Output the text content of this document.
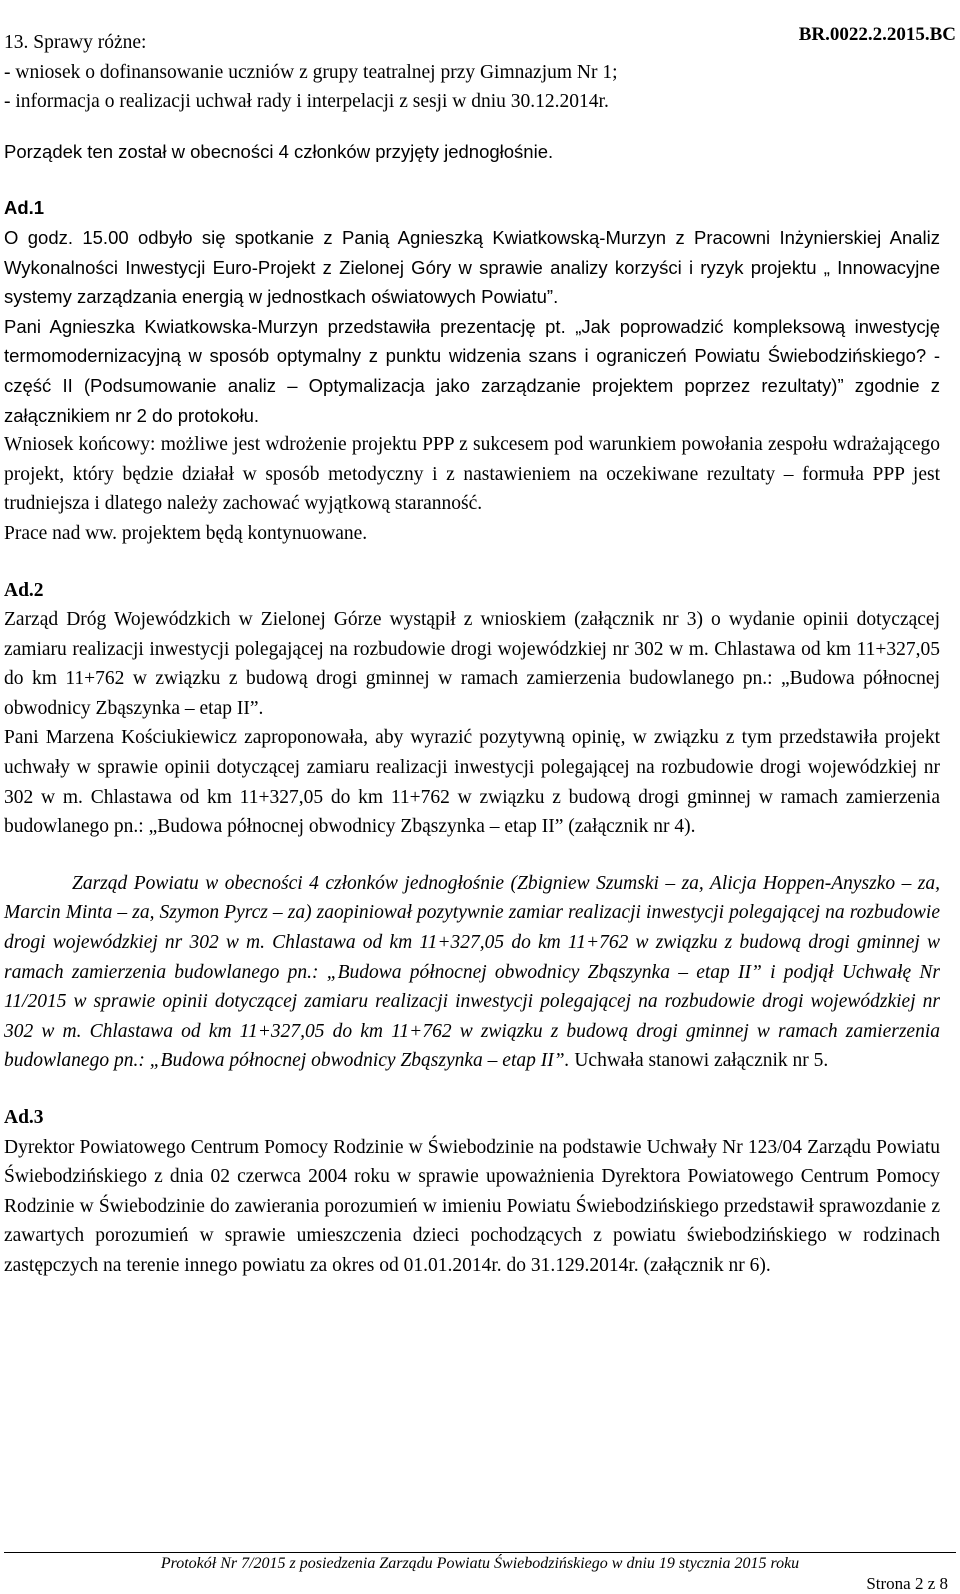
BR.0022.2.2015.BC

13. Sprawy różne:

- wniosek o dofinansowanie uczniów z grupy teatralnej przy Gimnazjum Nr 1;

- informacja o realizacji uchwał rady i interpelacji z sesji w dniu 30.12.2014r.

Porządek ten został w obecności 4 członków przyjęty jednogłośnie.

Ad.1

O godz. 15.00 odbyło się spotkanie z Panią Agnieszką Kwiatkowską-Murzyn z Pracowni Inżynierskiej Analiz Wykonalności Inwestycji Euro-Projekt z Zielonej Góry w sprawie analizy korzyści i ryzyk projektu „ Innowacyjne systemy zarządzania energią w jednostkach oświatowych Powiatu”.

Pani Agnieszka Kwiatkowska-Murzyn przedstawiła prezentację pt. „Jak poprowadzić kompleksową inwestycję termomodernizacyjną w sposób optymalny z punktu widzenia szans i ograniczeń Powiatu Świebodzińskiego? - część II (Podsumowanie analiz – Optymalizacja jako zarządzanie projektem poprzez rezultaty)” zgodnie z załącznikiem nr 2 do protokołu.

Wniosek końcowy: możliwe jest wdrożenie projektu PPP z sukcesem pod warunkiem powołania zespołu wdrażającego projekt, który będzie działał w sposób metodyczny i z nastawieniem na oczekiwane rezultaty – formuła PPP jest trudniejsza i dlatego należy zachować wyjątkową staranność.

Prace nad ww. projektem będą kontynuowane.

Ad.2

Zarząd Dróg Wojewódzkich w Zielonej Górze wystąpił z wnioskiem (załącznik nr 3) o wydanie opinii dotyczącej zamiaru realizacji inwestycji polegającej na rozbudowie drogi wojewódzkiej nr 302 w m. Chlastawa od km 11+327,05 do km 11+762 w związku z budową drogi gminnej w ramach zamierzenia budowlanego pn.: „Budowa północnej obwodnicy Zbąszynka – etap II”.

Pani Marzena Kościukiewicz zaproponowała, aby wyrazić pozytywną opinię, w związku z tym przedstawiła projekt uchwały w sprawie opinii dotyczącej zamiaru realizacji inwestycji polegającej na rozbudowie drogi wojewódzkiej nr 302 w m. Chlastawa od km 11+327,05 do km 11+762 w związku z budową drogi gminnej w ramach zamierzenia budowlanego pn.: „Budowa północnej obwodnicy Zbąszynka – etap II” (załącznik nr 4).

Zarząd Powiatu w obecności 4 członków jednogłośnie (Zbigniew Szumski – za, Alicja Hoppen-Anyszko – za, Marcin Minta – za, Szymon Pyrcz – za) zaopiniował pozytywnie zamiar realizacji inwestycji polegającej na rozbudowie drogi wojewódzkiej nr 302 w m. Chlastawa od km 11+327,05 do km 11+762 w związku z budową drogi gminnej w ramach zamierzenia budowlanego pn.: „Budowa północnej obwodnicy Zbąszynka – etap II” i podjął Uchwałę Nr 11/2015 w sprawie opinii dotyczącej zamiaru realizacji inwestycji polegającej na rozbudowie drogi wojewódzkiej nr 302 w m. Chlastawa od km 11+327,05 do km 11+762 w związku z budową drogi gminnej w ramach zamierzenia budowlanego pn.: „Budowa północnej obwodnicy Zbąszynka – etap II”. Uchwała stanowi załącznik nr 5.

Ad.3

Dyrektor Powiatowego Centrum Pomocy Rodzinie w Świebodzinie na podstawie Uchwały Nr 123/04 Zarządu Powiatu Świebodzińskiego z dnia 02 czerwca 2004 roku w sprawie upoważnienia Dyrektora Powiatowego Centrum Pomocy Rodzinie w Świebodzinie do zawierania porozumień w imieniu Powiatu Świebodzińskiego przedstawił sprawozdanie z zawartych porozumień w sprawie umieszczenia dzieci pochodzących z powiatu świebodzińskiego w rodzinach zastępczych na terenie innego powiatu za okres od 01.01.2014r. do 31.129.2014r. (załącznik nr 6).

Protokół Nr 7/2015 z posiedzenia Zarządu Powiatu Świebodzińskiego w dniu 19 stycznia 2015 roku
Strona 2 z 8
